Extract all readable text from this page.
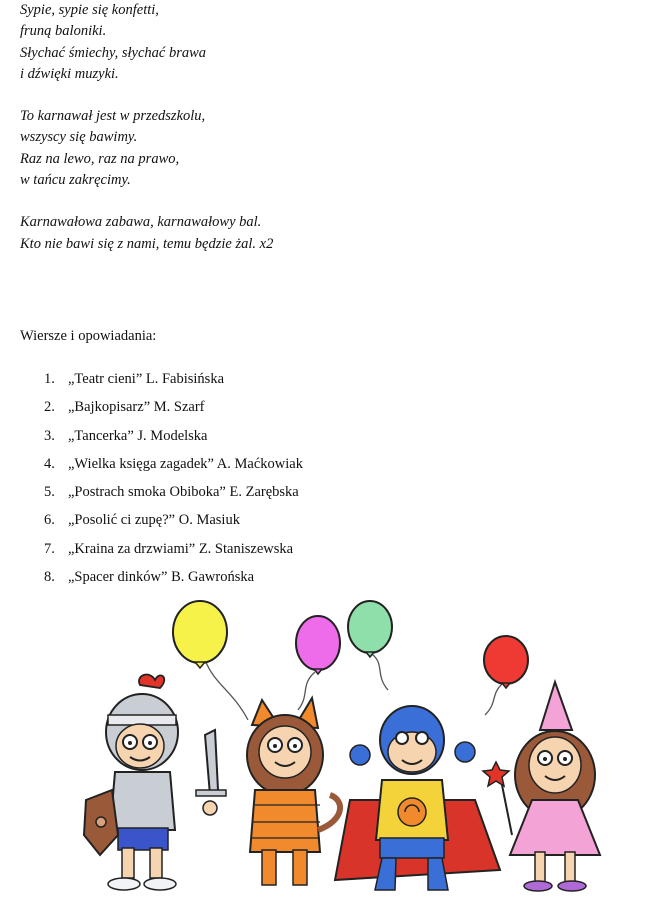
Sypie, sypie się konfetti,
fruną baloniki.
Słychać śmiechy, słychać brawa
i dźwięki muzyki.
To karnawał jest w przedszkolu,
wszyscy się bawimy.
Raz na lewo, raz na prawo,
w tańcu zakręcimy.
Karnawałowa zabawa, karnawałowy bal.
Kto nie bawi się z nami, temu będzie żal. x2
Wiersze i opowiadania:
1. „Teatr cieni” L. Fabisińska
2. „Bajkopisarz” M. Szarf
3. „Tancerka” J. Modelska
4. „Wielka księga zagadek” A. Maćkowiak
5. „Postrach smoka Obiboka” E. Zarębska
6. „Posolić ci zupę?” O. Masiuk
7. „Kraina za drzwiami” Z. Staniszewska
8. „Spacer dinków” B. Gawrońska
